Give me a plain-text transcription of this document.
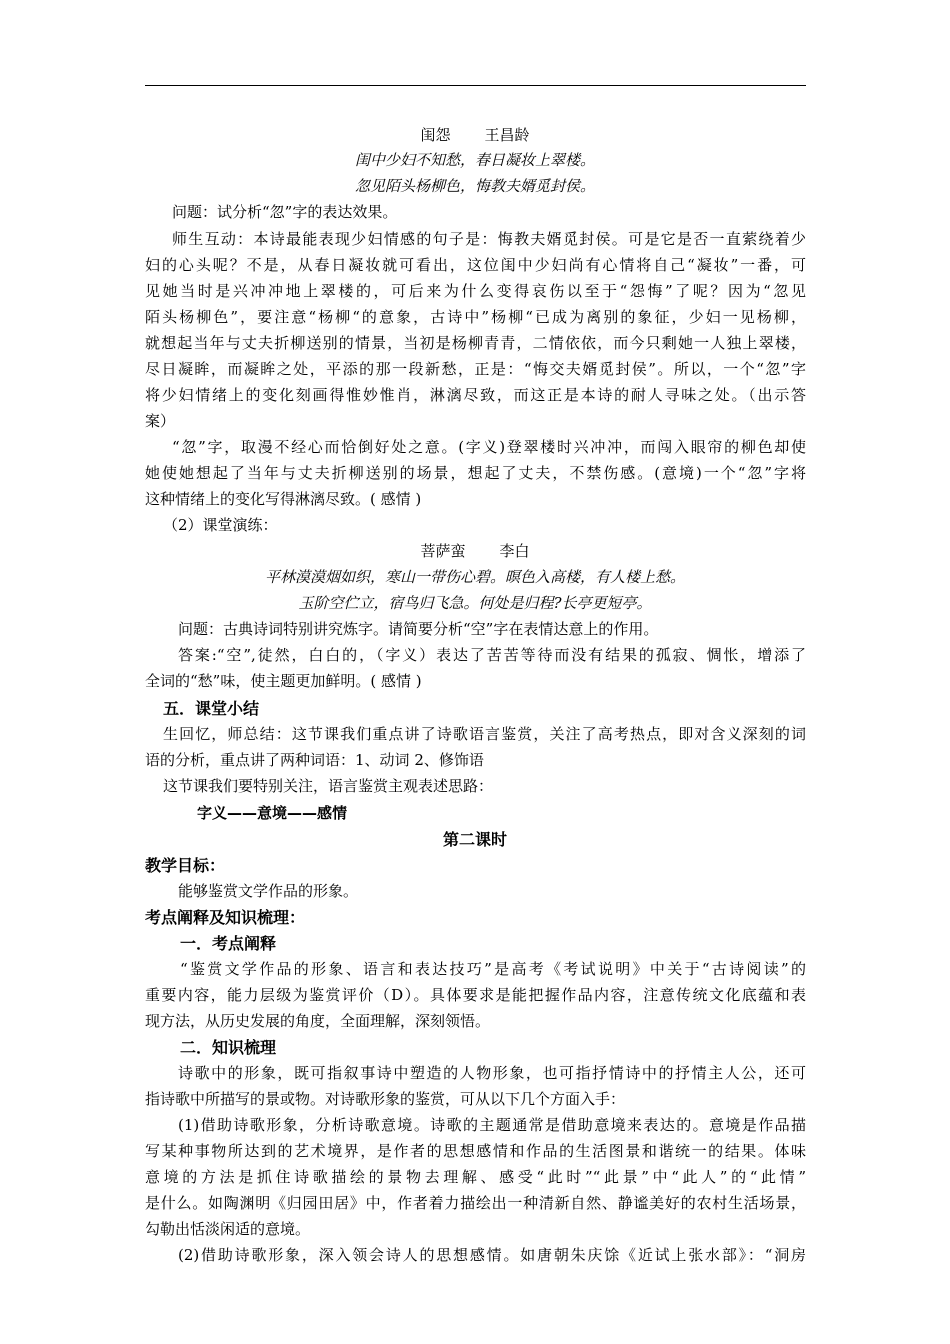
闺怨 王昌龄
闺中少妇不知愁，春日凝妆上翠楼。
忽见陌头杨柳色，悔教夫婿觅封侯。
问题：试分析“忽”字的表达效果。
师生互动：本诗最能表现少妇情感的句子是：悔教夫婿觅封侯。可是它是否一直萦绕着少
妇的心头呢？不是，从春日凝妆就可看出，这位闺中少妇尚有心情将自己“凝妆”一番，可
见她当时是兴冲冲地上翠楼的，可后来为什么变得哀伤以至于“怨悔”了呢？因为“忽见
陌头杨柳色”，要注意“杨柳“的意象，古诗中”杨柳“已成为离别的象征，少妇一见杨柳，
就想起当年与丈夫折柳送别的情景，当初是杨柳青青，二情依依，而今只剩她一人独上翠楼，
尽日凝眸，而凝眸之处，平添的那一段新愁，正是：“悔交夫婿觅封侯”。所以，一个“忽”字
将少妇情绪上的变化刻画得惟妙惟肖，淋漓尽致，而这正是本诗的耐人寻味之处。（出示答
案）
“忽”字，取漫不经心而恰倒好处之意。(字义)登翠楼时兴冲冲，而闯入眼帘的柳色却使
她使她想起了当年与丈夫折柳送别的场景，想起了丈夫，不禁伤感。(意境)一个“忽”字将
这种情绪上的变化写得淋漓尽致。( 感情 )
（2）课堂演练：
菩萨蛮 李白
平林漠漠烟如织，寒山一带伤心碧。暝色入高楼，有人楼上愁。
玉阶空伫立，宿鸟归飞急。何处是归程?长亭更短亭。
问题：古典诗词特别讲究炼字。请简要分析“空”字在表情达意上的作用。
答案:“空”,徒然，白白的，（字义）表达了苦苦等待而没有结果的孤寂、惆怅，增添了
全词的“愁”味，使主题更加鲜明。( 感情 )
五．课堂小结
生回忆，师总结：这节课我们重点讲了诗歌语言鉴赏，关注了高考热点，即对含义深刻的词
语的分析，重点讲了两种词语：1、动词 2、修饰语
这节课我们要特别关注，语言鉴赏主观表述思路：
字义——意境——感情
第二课时
教学目标：
能够鉴赏文学作品的形象。
考点阐释及知识梳理：
一．考点阐释
“鉴赏文学作品的形象、语言和表达技巧”是高考《考试说明》中关于“古诗阅读”的
重要内容，能力层级为鉴赏评价（D）。具体要求是能把握作品内容，注意传统文化底蕴和表
现方法，从历史发展的角度，全面理解，深刻领悟。
二．知识梳理
诗歌中的形象，既可指叙事诗中塑造的人物形象，也可指抒情诗中的抒情主人公，还可
指诗歌中所描写的景或物。对诗歌形象的鉴赏，可从以下几个方面入手：
(1)借助诗歌形象，分析诗歌意境。诗歌的主题通常是借助意境来表达的。意境是作品描
写某种事物所达到的艺术境界，是作者的思想感情和作品的生活图景和谐统一的结果。体味
意境的方法是抓住诗歌描绘的景物去理解、感受“此时”“此景”中“此人”的“此情”
是什么。如陶渊明《归园田居》中，作者着力描绘出一种清新自然、静谧美好的农村生活场景，
勾勒出恬淡闲适的意境。
(2)借助诗歌形象，深入领会诗人的思想感情。如唐朝朱庆馀《近试上张水部》：“洞房
